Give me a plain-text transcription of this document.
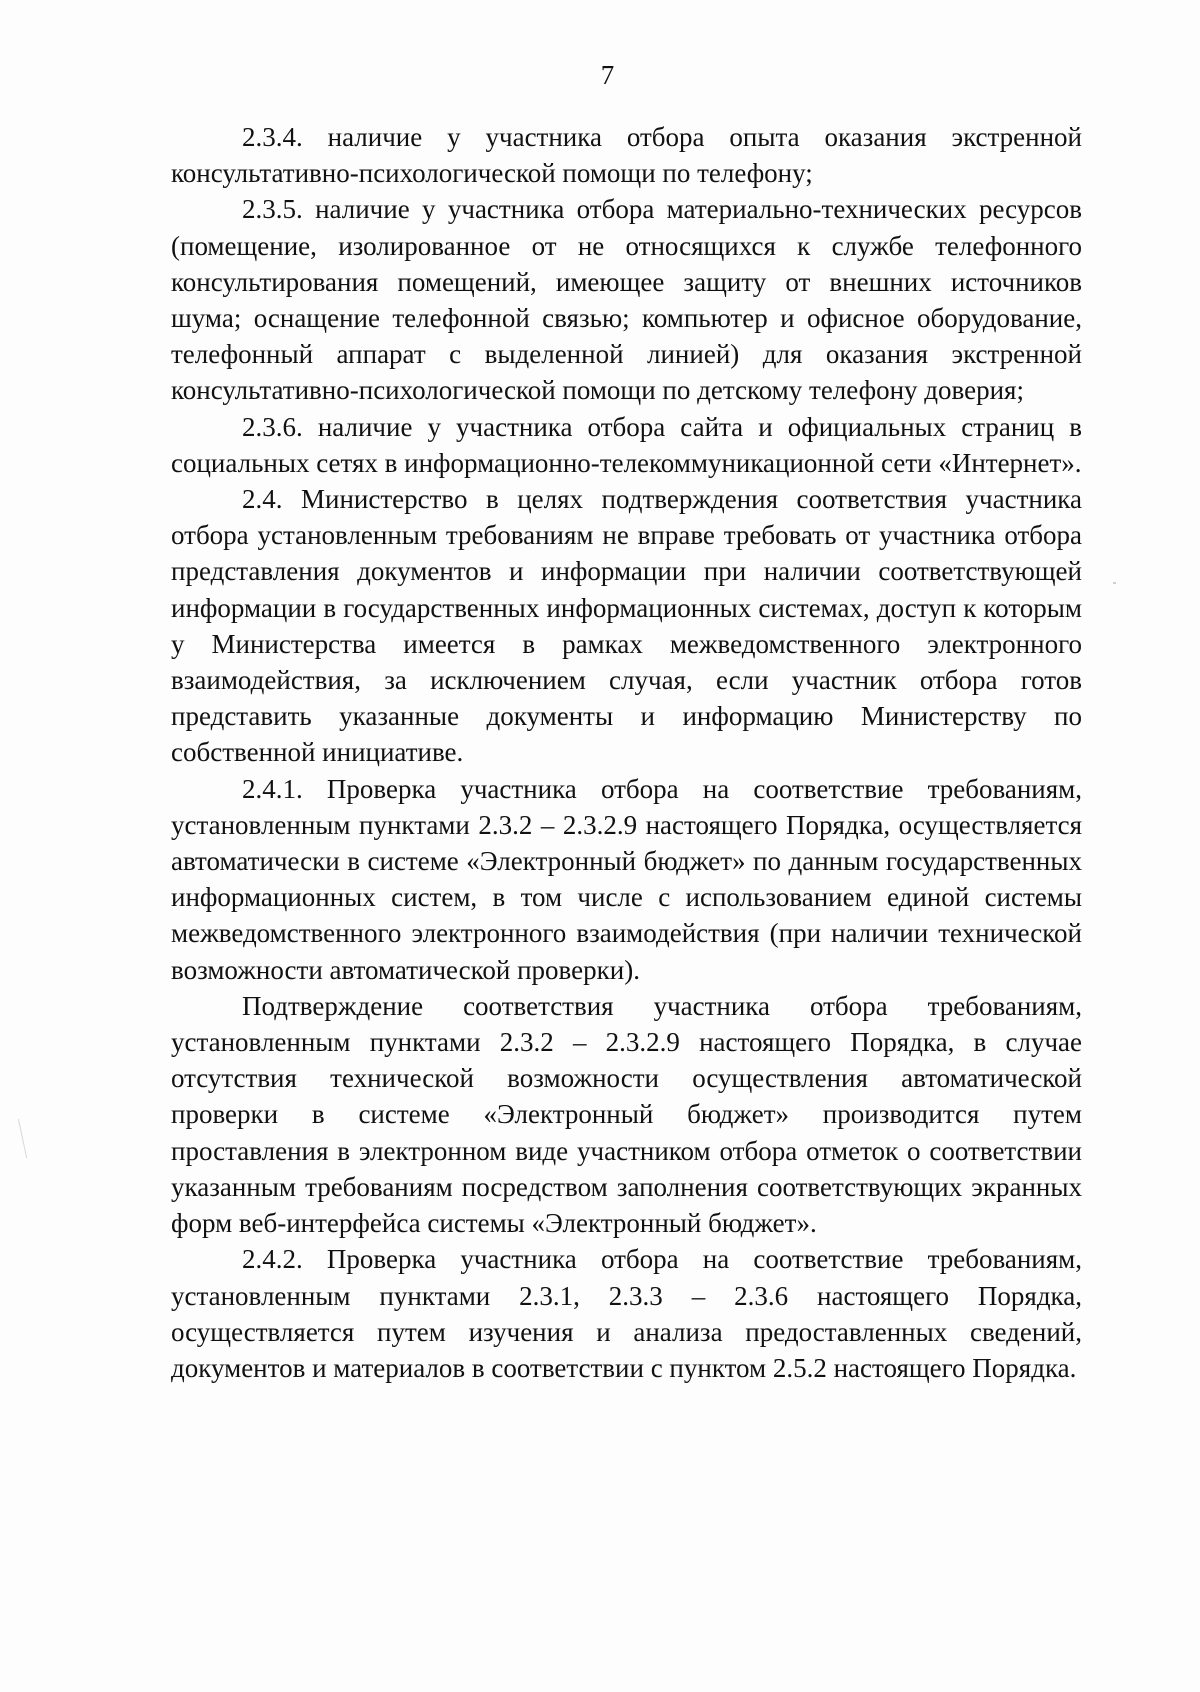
7

2.3.4. наличие у участника отбора опыта оказания экстренной консультативно-психологической помощи по телефону;

2.3.5. наличие у участника отбора материально-технических ресурсов (помещение, изолированное от не относящихся к службе телефонного консультирования помещений, имеющее защиту от внешних источников шума; оснащение телефонной связью; компьютер и офисное оборудование, телефонный аппарат с выделенной линией) для оказания экстренной консультативно-психологической помощи по детскому телефону доверия;

2.3.6. наличие у участника отбора сайта и официальных страниц в социальных сетях в информационно-телекоммуникационной сети «Интернет».

2.4. Министерство в целях подтверждения соответствия участника отбора установленным требованиям не вправе требовать от участника отбора представления документов и информации при наличии соответствующей информации в государственных информационных системах, доступ к которым у Министерства имеется в рамках межведомственного электронного взаимодействия, за исключением случая, если участник отбора готов представить указанные документы и информацию Министерству по собственной инициативе.

2.4.1. Проверка участника отбора на соответствие требованиям, установленным пунктами 2.3.2 – 2.3.2.9 настоящего Порядка, осуществляется автоматически в системе «Электронный бюджет» по данным государственных информационных систем, в том числе с использованием единой системы межведомственного электронного взаимодействия (при наличии технической возможности автоматической проверки).

Подтверждение соответствия участника отбора требованиям, установленным пунктами 2.3.2 – 2.3.2.9 настоящего Порядка, в случае отсутствия технической возможности осуществления автоматической проверки в системе «Электронный бюджет» производится путем проставления в электронном виде участником отбора отметок о соответствии указанным требованиям посредством заполнения соответствующих экранных форм веб-интерфейса системы «Электронный бюджет».

2.4.2. Проверка участника отбора на соответствие требованиям, установленным пунктами 2.3.1, 2.3.3 – 2.3.6 настоящего Порядка, осуществляется путем изучения и анализа предоставленных сведений, документов и материалов в соответствии с пунктом 2.5.2 настоящего Порядка.
